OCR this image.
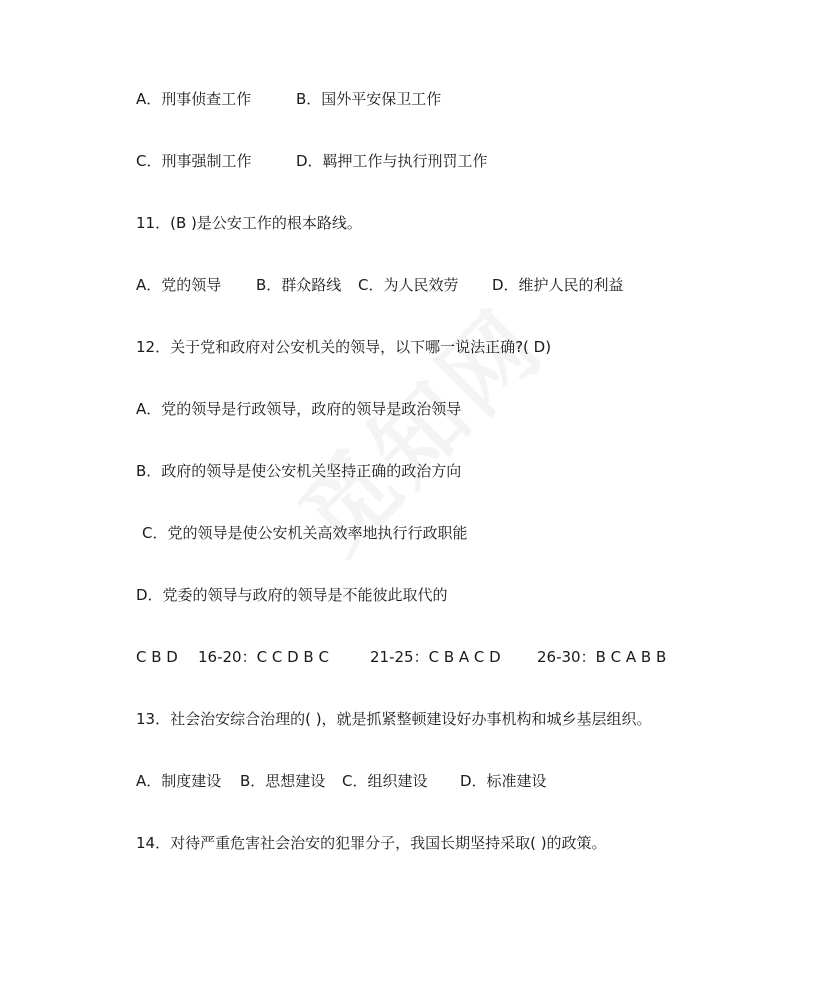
A．刑事侦查工作	B．国外平安保卫工作
C．刑事强制工作	D．羁押工作与执行刑罚工作
11．(B )是公安工作的根本路线。
A．党的领导 B．群众路线 C．为人民效劳 D．维护人民的利益
12．关于党和政府对公安机关的领导，以下哪一说法正确?( D)
A．党的领导是行政领导，政府的领导是政治领导
B．政府的领导是使公安机关坚持正确的政治方向
C．党的领导是使公安机关高效率地执行行政职能
D．党委的领导与政府的领导是不能彼此取代的
C B D 16-20：C C D B C	21-25：C B A C D 26-30：B C A B B
13．社会治安综合治理的( )，就是抓紧整顿建设好办事机构和城乡基层组织。
A．制度建设 B．思想建设 C．组织建设 D．标准建设
14．对待严重危害社会治安的犯罪分子，我国长期坚持采取( )的政策。
